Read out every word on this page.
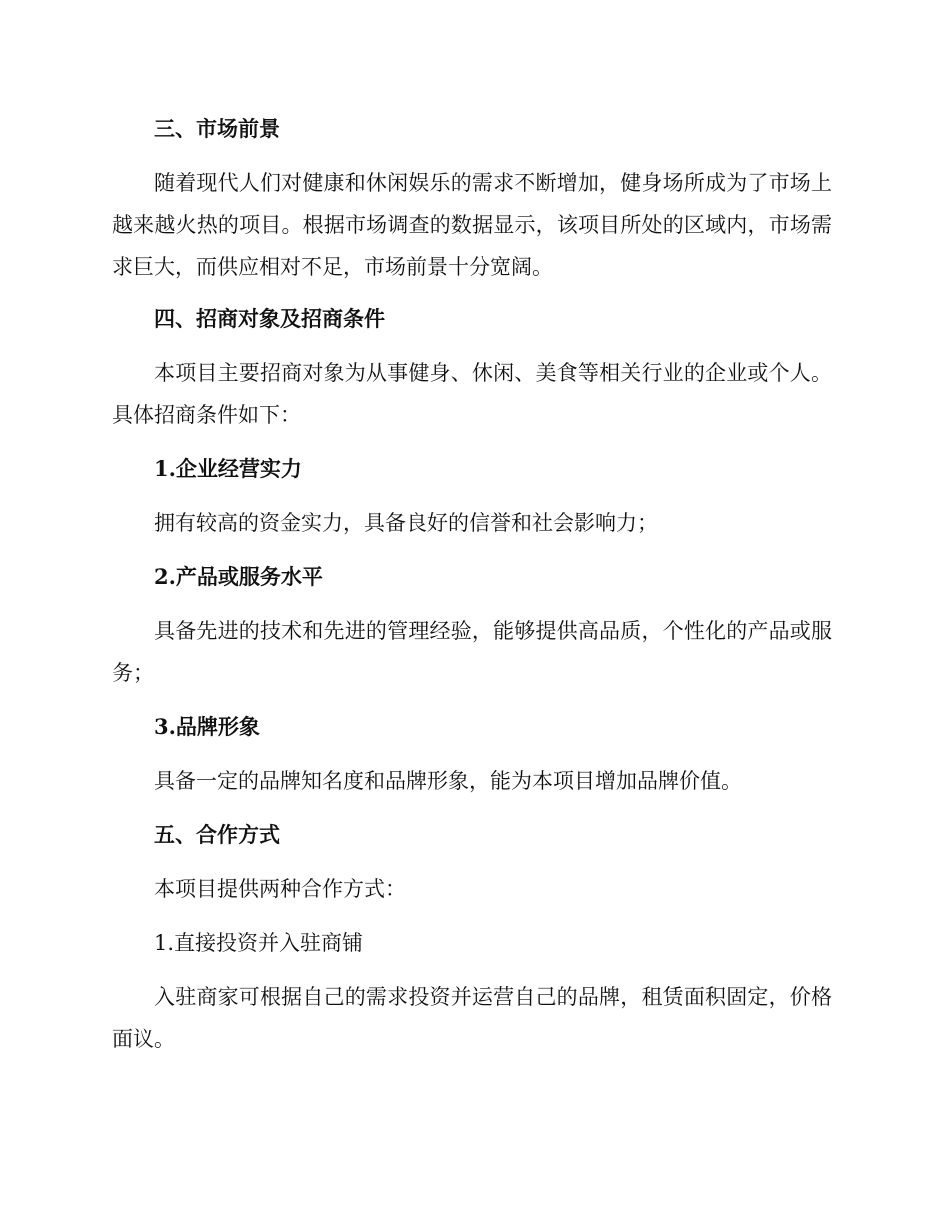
三、市场前景

随着现代人们对健康和休闲娱乐的需求不断增加，健身场所成为了市场上越来越火热的项目。根据市场调查的数据显示，该项目所处的区域内，市场需求巨大，而供应相对不足，市场前景十分宽阔。

四、招商对象及招商条件

本项目主要招商对象为从事健身、休闲、美食等相关行业的企业或个人。具体招商条件如下：

1.企业经营实力

拥有较高的资金实力，具备良好的信誉和社会影响力；

2.产品或服务水平

具备先进的技术和先进的管理经验，能够提供高品质，个性化的产品或服务；

3.品牌形象

具备一定的品牌知名度和品牌形象，能为本项目增加品牌价值。

五、合作方式

本项目提供两种合作方式：

1.直接投资并入驻商铺

入驻商家可根据自己的需求投资并运营自己的品牌，租赁面积固定，价格面议。
